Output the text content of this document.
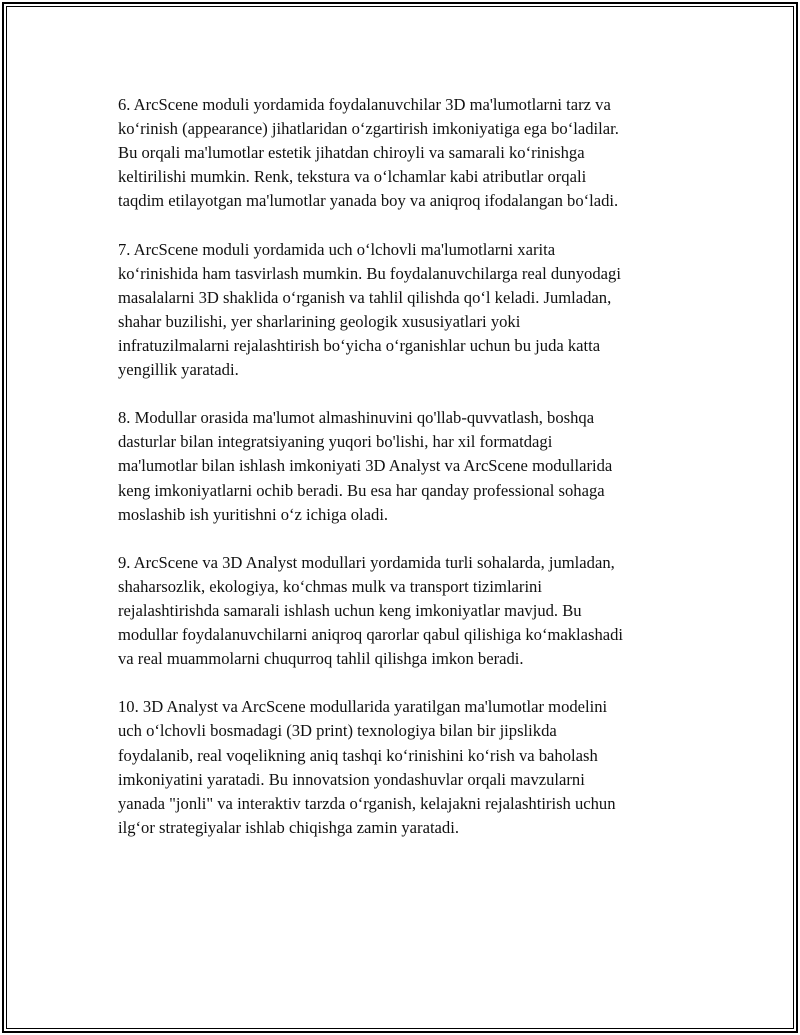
6. ArcScene moduli yordamida foydalanuvchilar 3D ma'lumotlarni tarz va
ko‘rinish (appearance) jihatlaridan o‘zgartirish imkoniyatiga ega bo‘ladilar.
Bu orqali ma'lumotlar estetik jihatdan chiroyli va samarali ko‘rinishga
keltirilishi mumkin. Renk, tekstura va o‘lchamlar kabi atributlar orqali
taqdim etilayotgan ma'lumotlar yanada boy va aniqroq ifodalangan bo‘ladi.

7. ArcScene moduli yordamida uch o‘lchovli ma'lumotlarni xarita
ko‘rinishida ham tasvirlash mumkin. Bu foydalanuvchilarga real dunyodagi
masalalarni 3D shaklida o‘rganish va tahlil qilishda qo‘l keladi. Jumladan,
shahar buzilishi, yer sharlarining geologik xususiyatlari yoki
infratuzilmalarni rejalashtirish bo‘yicha o‘rganishlar uchun bu juda katta
yengillik yaratadi.

8. Modullar orasida ma'lumot almashinuvini qo'llab-quvvatlash, boshqa
dasturlar bilan integratsiyaning yuqori bo'lishi, har xil formatdagi
ma'lumotlar bilan ishlash imkoniyati 3D Analyst va ArcScene modullarida
keng imkoniyatlarni ochib beradi. Bu esa har qanday professional sohaga
moslashib ish yuritishni o‘z ichiga oladi.

9. ArcScene va 3D Analyst modullari yordamida turli sohalarda, jumladan,
shaharsozlik, ekologiya, ko‘chmas mulk va transport tizimlarini
rejalashtirishda samarali ishlash uchun keng imkoniyatlar mavjud. Bu
modullar foydalanuvchilarni aniqroq qarorlar qabul qilishiga ko‘maklashadi
va real muammolarni chuqurroq tahlil qilishga imkon beradi.

10. 3D Analyst va ArcScene modullarida yaratilgan ma'lumotlar modelini
uch o‘lchovli bosmadagi (3D print) texnologiya bilan bir jipslikda
foydalanib, real voqelikning aniq tashqi ko‘rinishini ko‘rish va baholash
imkoniyatini yaratadi. Bu innovatsion yondashuvlar orqali mavzularni
yanada "jonli" va interaktiv tarzda o‘rganish, kelajakni rejalashtirish uchun
ilg‘or strategiyalar ishlab chiqishga zamin yaratadi.
